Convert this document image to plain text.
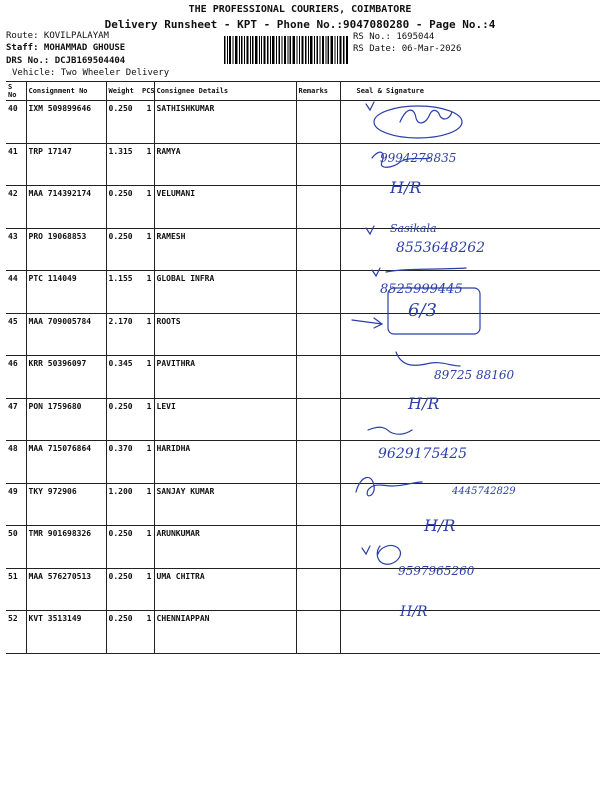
THE PROFESSIONAL COURIERS, COIMBATORE
Delivery Runsheet - KPT - Phone No.:9047080280 - Page No.:4
Route: KOVILPALAYAM
Staff: MOHAMMAD GHOUSE
DRS No.: DCJB169504404
Vehicle: Two Wheeler Delivery
RS No.: 1695044
RS Date: 06-Mar-2026
S No	Consignment No	Weight	PCS	Consignee Details	Remarks	Seal & Signature
40	IXM 509899646	0.250	1	SATHISHKUMAR		
41	TRP 17147	1.315	1	RAMYA		
42	MAA 714392174	0.250	1	VELUMANI		
43	PRO 19068853	0.250	1	RAMESH		
44	PTC 114049	1.155	1	GLOBAL INFRA		
45	MAA 709005784	2.170	1	ROOTS		
46	KRR 50396097	0.345	1	PAVITHRA		
47	PON 1759680	0.250	1	LEVI		
48	MAA 715076864	0.370	1	HARIDHA		
49	TKY 972906	1.200	1	SANJAY KUMAR		
50	TMR 901698326	0.250	1	ARUNKUMAR		
51	MAA 576270513	0.250	1	UMA CHITRA		
52	KVT 3513149	0.250	1	CHENNIAPPAN		
9994278835
H/R
Sasikala
8553648262
8525999445
6/3
89725 88160
H/R
9629175425
4445742829
H/R
9597965260
H/R
